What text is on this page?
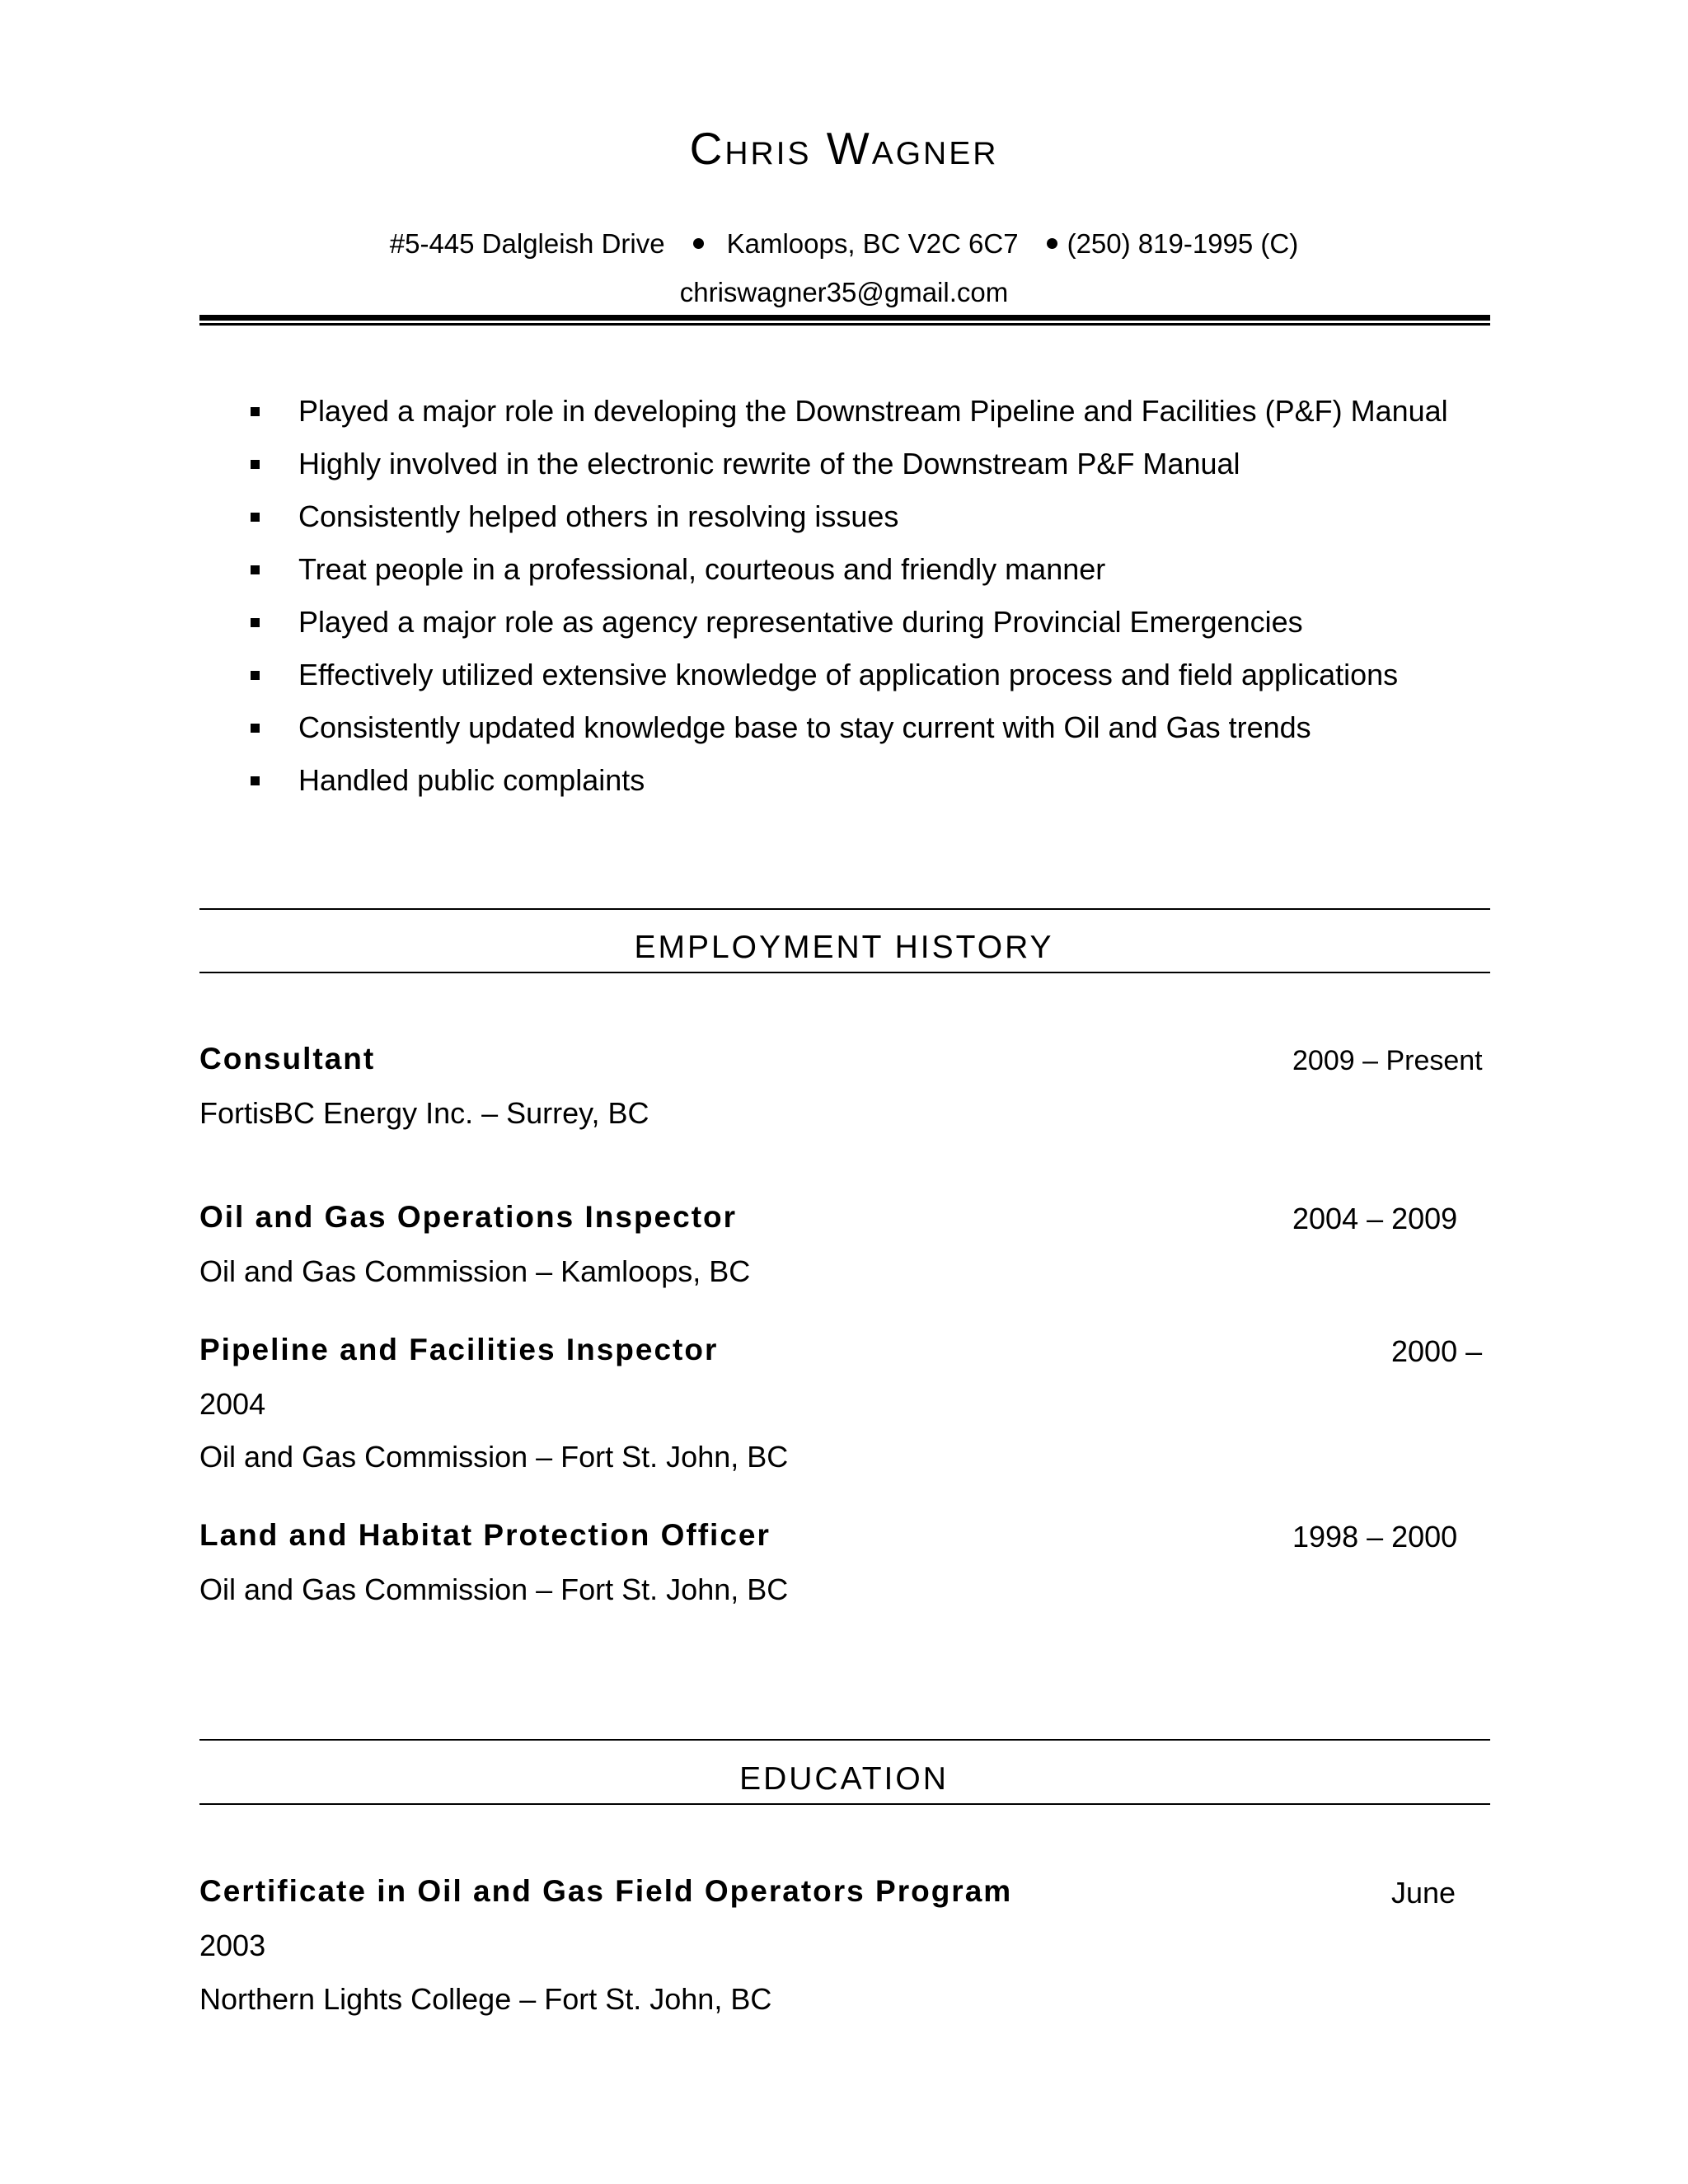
Chris Wagner
#5-445 Dalgleish Drive Kamloops, BC V2C 6C7 (250) 819-1995 (C)
chriswagner35@gmail.com
Played a major role in developing the Downstream Pipeline and Facilities (P&F) Manual
Highly involved in the electronic rewrite of the Downstream P&F Manual
Consistently helped others in resolving issues
Treat people in a professional, courteous and friendly manner
Played a major role as agency representative during Provincial Emergencies
Effectively utilized extensive knowledge of application process and field applications
Consistently updated knowledge base to stay current with Oil and Gas trends
Handled public complaints
EMPLOYMENT HISTORY
Consultant	2009 – Present
FortisBC Energy Inc. – Surrey, BC
Oil and Gas Operations Inspector	2004 – 2009
Oil and Gas Commission – Kamloops, BC
Pipeline and Facilities Inspector	2000 –
2004
Oil and Gas Commission – Fort St. John, BC
Land and Habitat Protection Officer	1998 – 2000
Oil and Gas Commission – Fort St. John, BC
EDUCATION
Certificate in Oil and Gas Field Operators Program	June
2003
Northern Lights College – Fort St. John, BC
